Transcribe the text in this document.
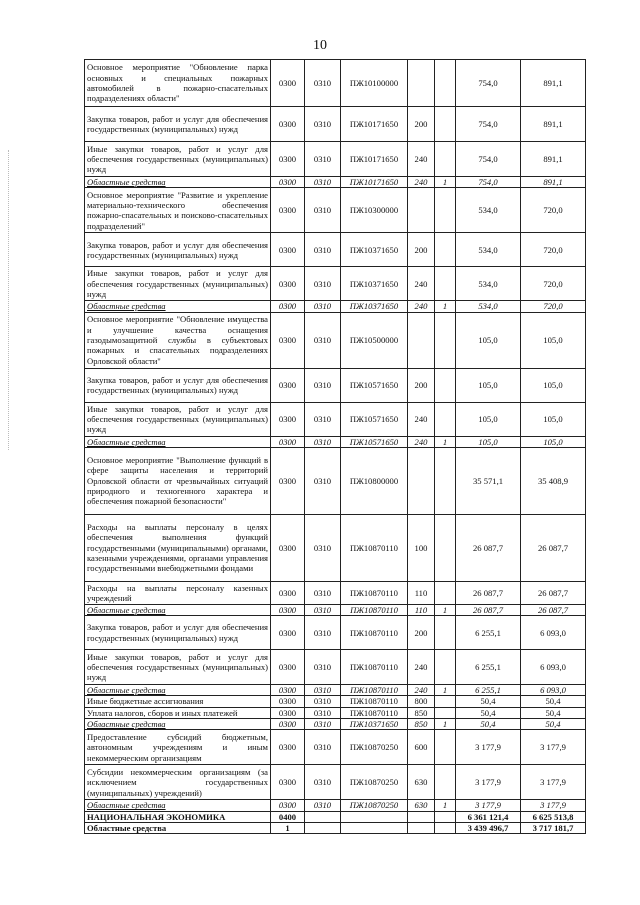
10
Основное мероприятие "Обновление парка основных и специальных пожарных автомобилей в пожарно-спасательных подразделениях области"	0300	0310	ПЖ10100000			754,0	891,1
Закупка товаров, работ и услуг для обеспечения государственных (муниципальных) нужд	0300	0310	ПЖ10171650	200		754,0	891,1
Иные закупки товаров, работ и услуг для обеспечения государственных (муниципальных) нужд	0300	0310	ПЖ10171650	240		754,0	891,1
Областные средства	0300	0310	ПЖ10171650	240	1	754,0	891,1
Основное мероприятие "Развитие и укрепление материально-технического обеспечения пожарно-спасательных и поисково-спасательных подразделений"	0300	0310	ПЖ10300000			534,0	720,0
Закупка товаров, работ и услуг для обеспечения государственных (муниципальных) нужд	0300	0310	ПЖ10371650	200		534,0	720,0
Иные закупки товаров, работ и услуг для обеспечения государственных (муниципальных) нужд	0300	0310	ПЖ10371650	240		534,0	720,0
Областные средства	0300	0310	ПЖ10371650	240	1	534,0	720,0
Основное мероприятие "Обновление имущества и улучшение качества оснащения газодымозащитной службы в субъектовых пожарных и спасательных подразделениях Орловской области"	0300	0310	ПЖ10500000			105,0	105,0
Закупка товаров, работ и услуг для обеспечения государственных (муниципальных) нужд	0300	0310	ПЖ10571650	200		105,0	105,0
Иные закупки товаров, работ и услуг для обеспечения государственных (муниципальных) нужд	0300	0310	ПЖ10571650	240		105,0	105,0
Областные средства	0300	0310	ПЖ10571650	240	1	105,0	105,0
Основное мероприятие "Выполнение функций в сфере защиты населения и территорий Орловской области от чрезвычайных ситуаций природного и техногенного характера и обеспечения пожарной безопасности"	0300	0310	ПЖ10800000			35 571,1	35 408,9
Расходы на выплаты персоналу в целях обеспечения выполнения функций государственными (муниципальными) органами, казенными учреждениями, органами управления государственными внебюджетными фондами	0300	0310	ПЖ10870110	100		26 087,7	26 087,7
Расходы на выплаты персоналу казенных учреждений	0300	0310	ПЖ10870110	110		26 087,7	26 087,7
Областные средства	0300	0310	ПЖ10870110	110	1	26 087,7	26 087,7
Закупка товаров, работ и услуг для обеспечения государственных (муниципальных) нужд	0300	0310	ПЖ10870110	200		6 255,1	6 093,0
Иные закупки товаров, работ и услуг для обеспечения государственных (муниципальных) нужд	0300	0310	ПЖ10870110	240		6 255,1	6 093,0
Областные средства	0300	0310	ПЖ10870110	240	1	6 255,1	6 093,0
Иные бюджетные ассигнования	0300	0310	ПЖ10870110	800		50,4	50,4
Уплата налогов, сборов и иных платежей	0300	0310	ПЖ10870110	850		50,4	50,4
Областные средства	0300	0310	ПЖ10371650	850	1	50,4	50,4
Предоставление субсидий бюджетным, автономным учреждениям и иным некоммерческим организациям	0300	0310	ПЖ10870250	600		3 177,9	3 177,9
Субсидии некоммерческим организациям (за исключением государственных (муниципальных) учреждений)	0300	0310	ПЖ10870250	630		3 177,9	3 177,9
Областные средства	0300	0310	ПЖ10870250	630	1	3 177,9	3 177,9
НАЦИОНАЛЬНАЯ ЭКОНОМИКА	0400					6 361 121,4	6 625 513,8
Областные средства	1					3 439 496,7	3 717 181,7
